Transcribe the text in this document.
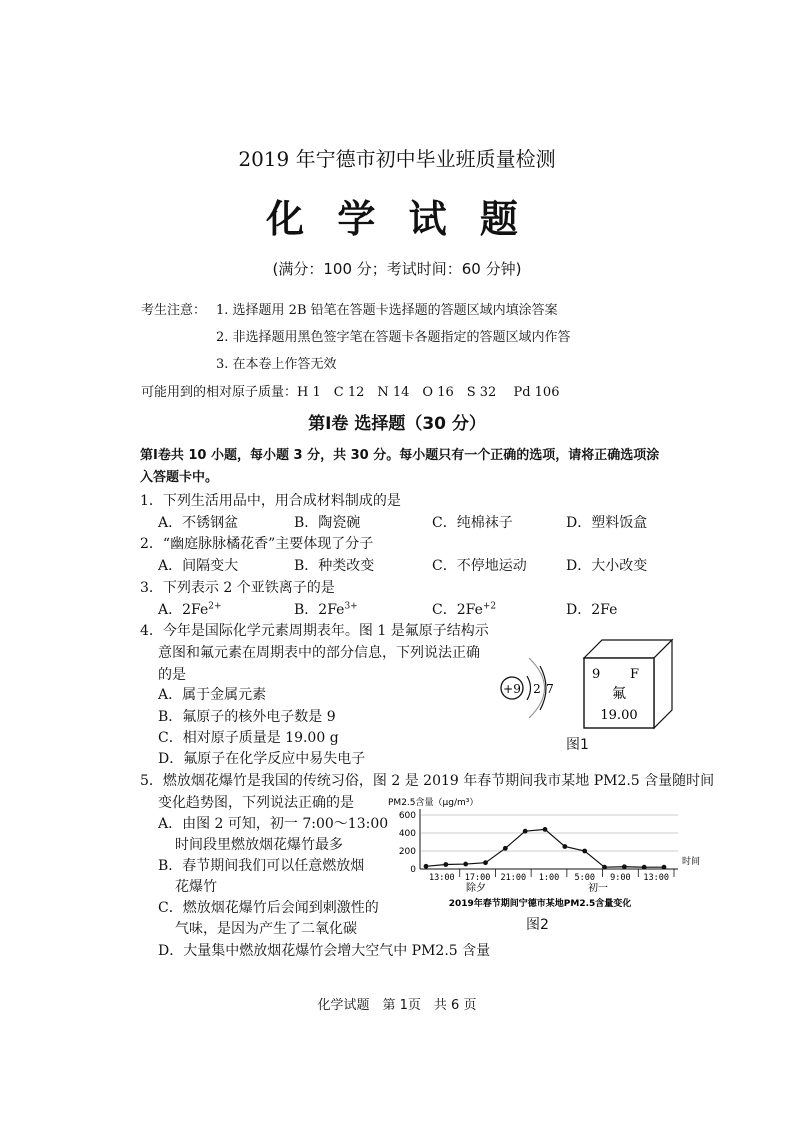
2019 年宁德市初中毕业班质量检测
化 学 试 题
(满分：100 分；考试时间：60 分钟)
考生注意： 1. 选择题用 2B 铅笔在答题卡选择题的答题区域内填涂答案
2. 非选择题用黑色签字笔在答题卡各题指定的答题区域内作答
3. 在本卷上作答无效
可能用到的相对原子质量：H 1　C 12　N 14　O 16　S 32　 Pd 106
第Ⅰ卷 选择题（30 分）
第Ⅰ卷共 10 小题，每小题 3 分，共 30 分。每小题只有一个正确的选项，请将正确选项涂
入答题卡中。
1．下列生活用品中，用合成材料制成的是
A．不锈钢盆	B．陶瓷碗	C．纯棉袜子	D．塑料饭盒
2．“幽庭脉脉橘花香”主要体现了分子
A．间隔变大	B．种类改变	C．不停地运动	D．大小改变
3．下列表示 2 个亚铁离子的是
A．$2Fe^{2+}$	B．$2Fe^{3+}$	C．$2Fe^{+2}$	D．2Fe
4．今年是国际化学元素周期表年。图 1 是氟原子结构示
意图和氟元素在周期表中的部分信息，下列说法正确
的是
A．属于金属元素
B．氟原子的核外电子数是 9
C．相对原子质量是 19.00 g
D．氟原子在化学反应中易失电子
+9 2 7
9 F
氟
19.00
图1
5．燃放烟花爆竹是我国的传统习俗，图 2 是 2019 年春节期间我市某地 PM2.5 含量随时间
变化趋势图，下列说法正确的是
A．由图 2 可知，初一 7:00～13:00
时间段里燃放烟花爆竹最多
B．春节期间我们可以任意燃放烟
花爆竹
C．燃放烟花爆竹后会闻到刺激性的
气味，是因为产生了二氧化碳
D．大量集中燃放烟花爆竹会增大空气中 PM2.5 含量
PM2.5含量（μg/m³）
0
200
400
600
13:00 17:00 21:00 1:00 5:00 9:00 13:00
时间
除夕	初一
2019年春节期间宁德市某地PM2.5含量变化
图2
化学试题　第 1页　共 6 页
